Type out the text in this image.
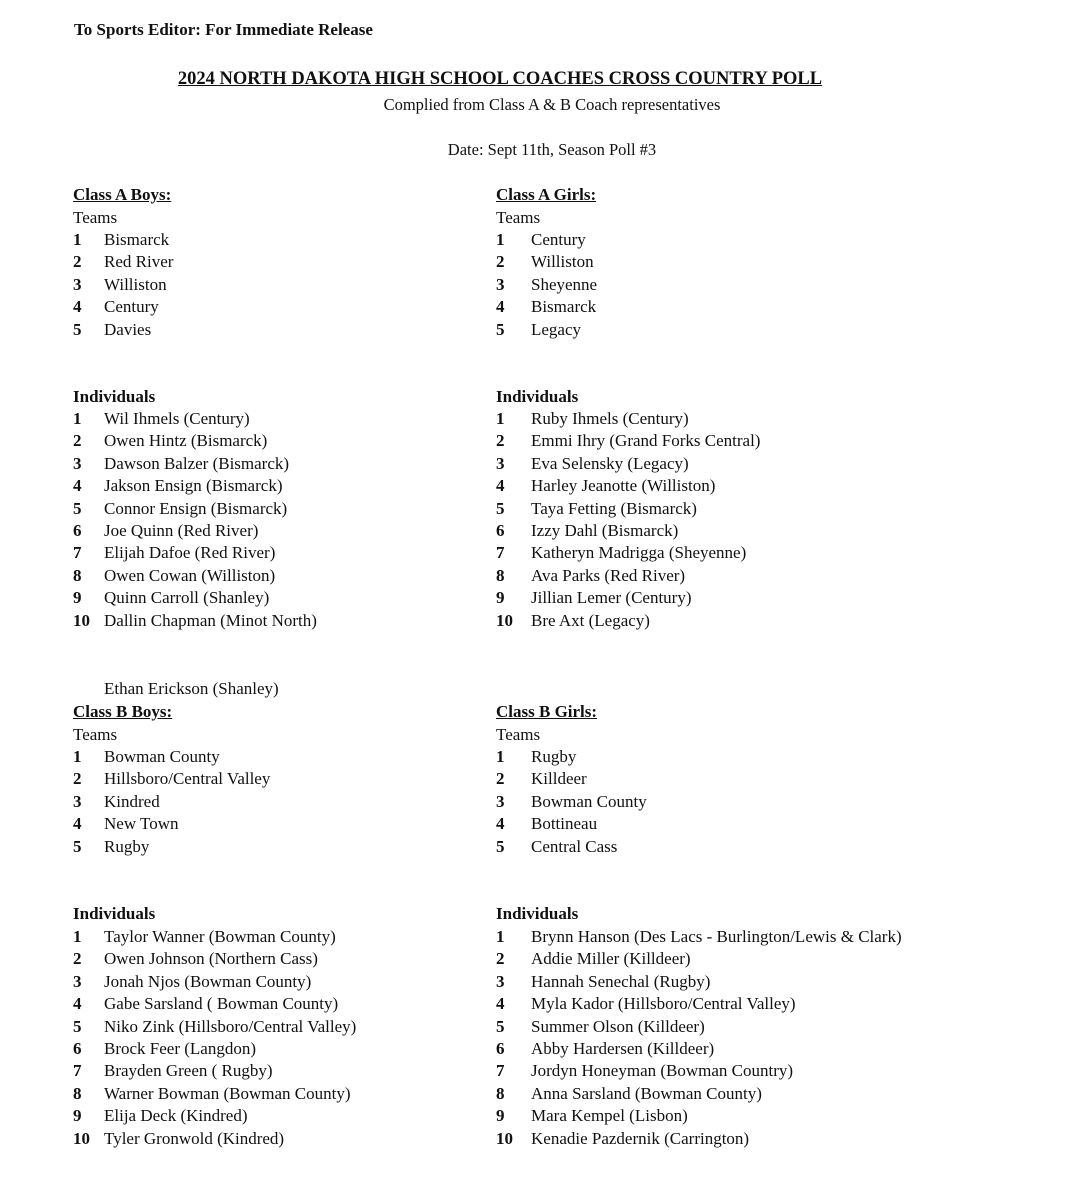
To Sports Editor: For Immediate Release
2024 NORTH DAKOTA HIGH SCHOOL COACHES CROSS COUNTRY POLL
Complied from Class A & B Coach representatives
Date: Sept 11th, Season Poll #3
Class A Boys:
Teams
1 Bismarck
2 Red River
3 Williston
4 Century
5 Davies
Individuals
1 Wil Ihmels (Century)
2 Owen Hintz (Bismarck)
3 Dawson Balzer (Bismarck)
4 Jakson Ensign (Bismarck)
5 Connor Ensign (Bismarck)
6 Joe Quinn (Red River)
7 Elijah Dafoe (Red River)
8 Owen Cowan (Williston)
9 Quinn Carroll (Shanley)
10 Dallin Chapman (Minot North)
Ethan Erickson (Shanley)
Class A Girls:
Teams
1 Century
2 Williston
3 Sheyenne
4 Bismarck
5 Legacy
Individuals
1 Ruby Ihmels (Century)
2 Emmi Ihry (Grand Forks Central)
3 Eva Selensky (Legacy)
4 Harley Jeanotte (Williston)
5 Taya Fetting (Bismarck)
6 Izzy Dahl (Bismarck)
7 Katheryn Madrigga (Sheyenne)
8 Ava Parks (Red River)
9 Jillian Lemer (Century)
10 Bre Axt (Legacy)
Class B Boys:
Teams
1 Bowman County
2 Hillsboro/Central Valley
3 Kindred
4 New Town
5 Rugby
Individuals
1 Taylor Wanner (Bowman County)
2 Owen Johnson (Northern Cass)
3 Jonah Njos (Bowman County)
4 Gabe Sarsland ( Bowman County)
5 Niko Zink (Hillsboro/Central Valley)
6 Brock Feer (Langdon)
7 Brayden Green ( Rugby)
8 Warner Bowman (Bowman County)
9 Elija Deck (Kindred)
10 Tyler Gronwold (Kindred)
Class B Girls:
Teams
1 Rugby
2 Killdeer
3 Bowman County
4 Bottineau
5 Central Cass
Individuals
1 Brynn Hanson (Des Lacs - Burlington/Lewis & Clark)
2 Addie Miller (Killdeer)
3 Hannah Senechal (Rugby)
4 Myla Kador (Hillsboro/Central Valley)
5 Summer Olson (Killdeer)
6 Abby Hardersen (Killdeer)
7 Jordyn Honeyman (Bowman Country)
8 Anna Sarsland (Bowman County)
9 Mara Kempel (Lisbon)
10 Kenadie Pazdernik (Carrington)
